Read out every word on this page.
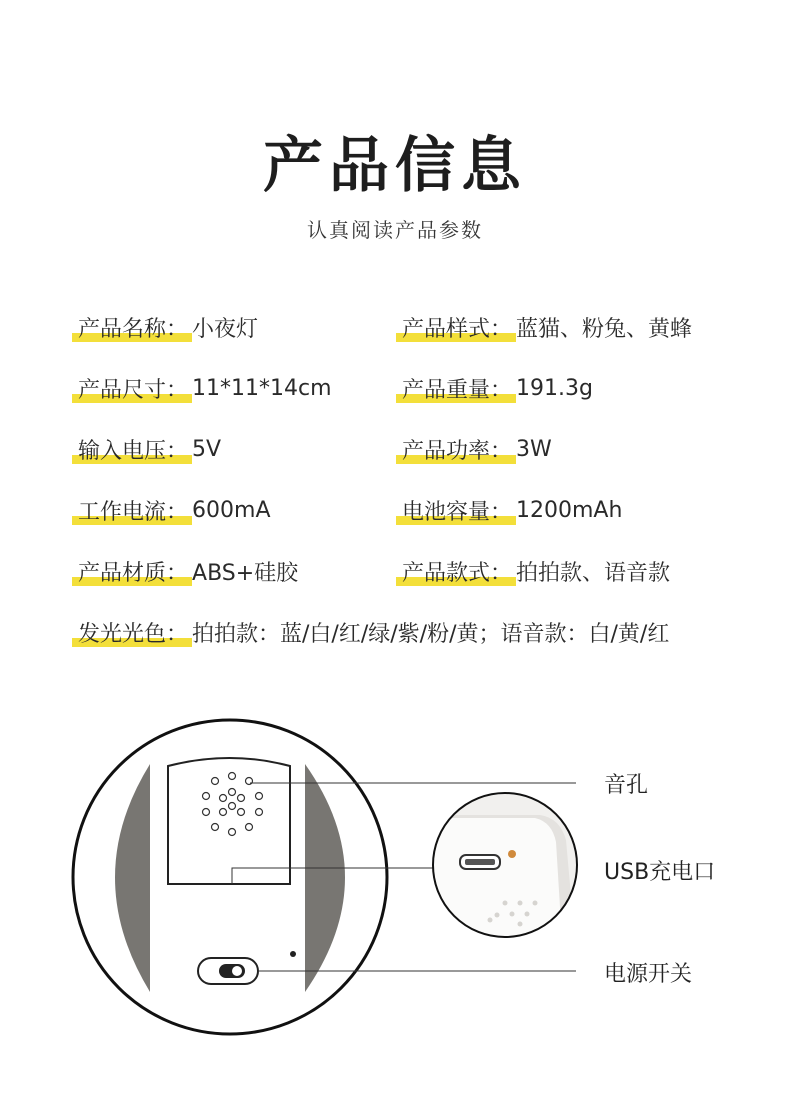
产品信息
认真阅读产品参数
产品名称： 小夜灯
产品尺寸： 11*11*14cm
输入电压： 5V
工作电流： 600mA
产品材质： ABS+硅胶
产品样式： 蓝猫、粉兔、黄蜂
产品重量： 191.3g
产品功率： 3W
电池容量： 1200mAh
产品款式： 拍拍款、语音款
发光光色： 拍拍款：蓝/白/红/绿/紫/粉/黄；语音款：白/黄/红
音孔
USB充电口
电源开关
